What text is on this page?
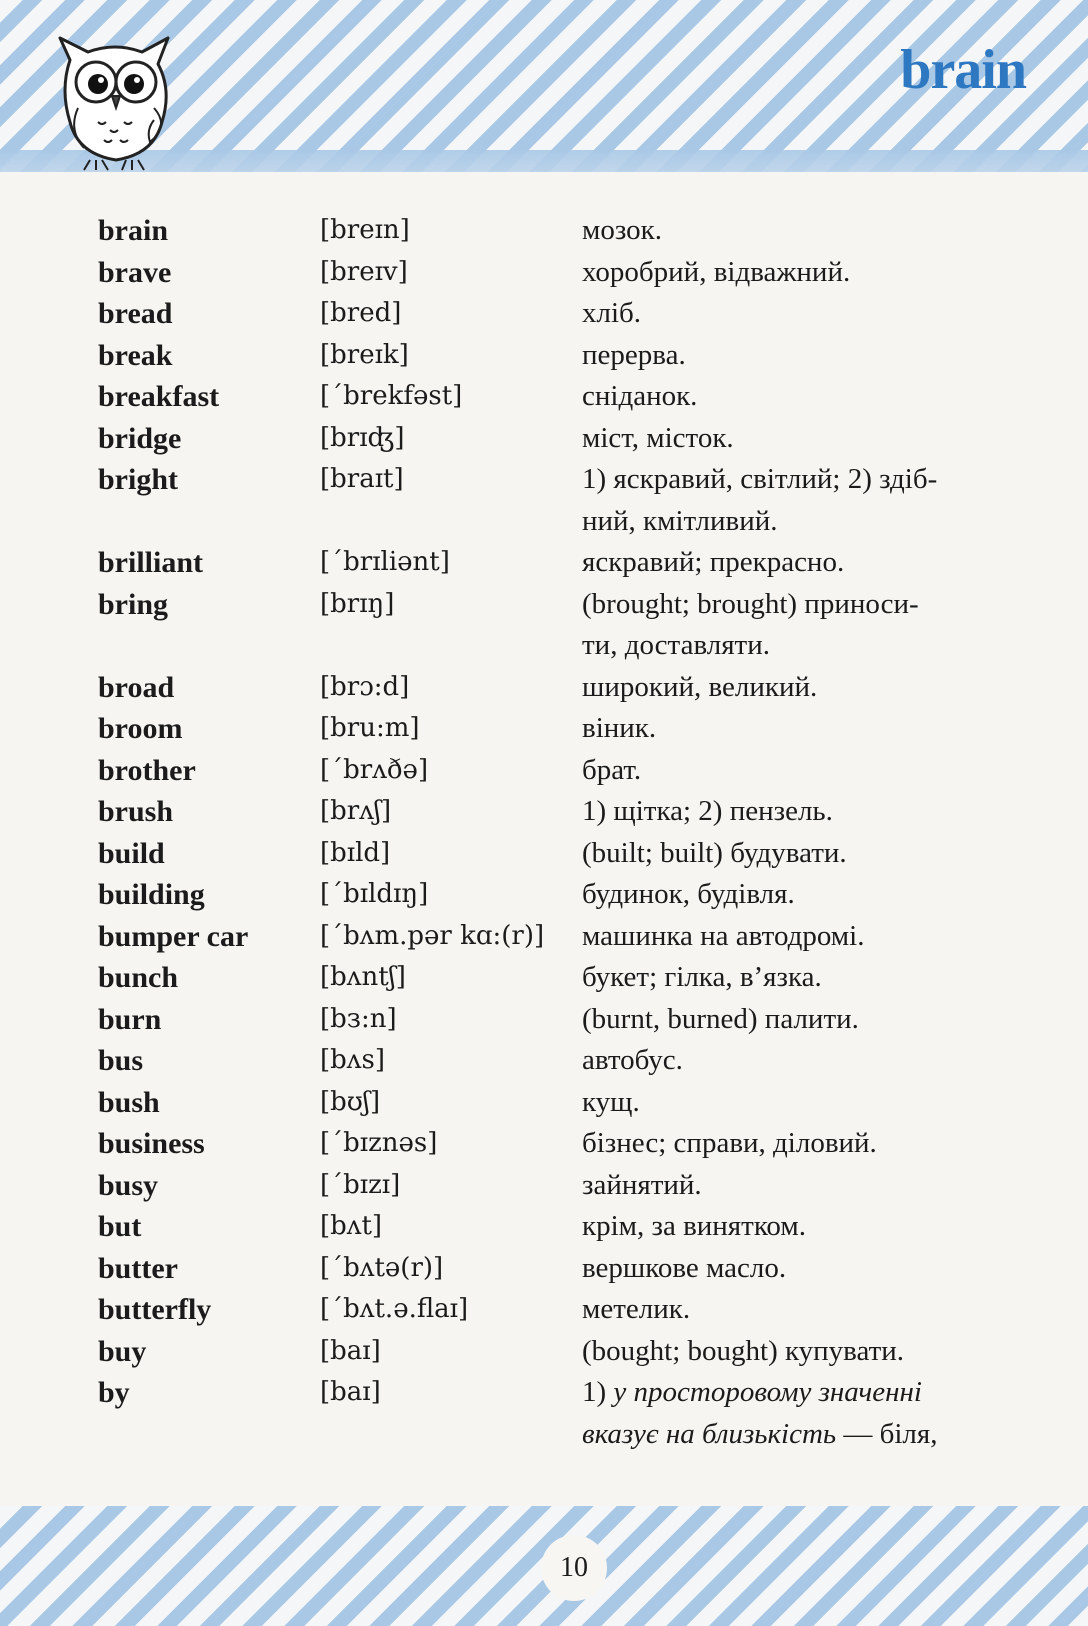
brain
brain	[breɪn]	мозок.
brave	[breɪv]	хоробрий, відважний.
bread	[bred]	хліб.
break	[breɪk]	перерва.
breakfast	[ˊbrekfəst]	сніданок.
bridge	[brɪʤ]	міст, місток.
bright	[braɪt]	1) яскравий, світлий; 2) здіб-
ний, кмітливий.
brilliant	[ˊbrɪliənt]	яскравий; прекрасно.
bring	[brɪŋ]	(brought; brought) приноси-
ти, доставляти.
broad	[brɔ:d]	широкий, великий.
broom	[bru:m]	віник.
brother	[ˊbrʌðə]	брат.
brush	[brʌʃ]	1) щітка; 2) пензель.
build	[bɪld]	(built; built) будувати.
building	[ˊbɪldɪŋ]	будинок, будівля.
bumper car	[ˊbʌm.pər kɑ:(r)]	машинка на автодромі.
bunch	[bʌntʃ]	букет; гілка, в’язка.
burn	[bз:n]	(burnt, burned) палити.
bus	[bʌs]	автобус.
bush	[bʊʃ]	кущ.
business	[ˊbɪznəs]	бізнес; справи, діловий.
busy	[ˊbɪzɪ]	зайнятий.
but	[bʌt]	крім, за винятком.
butter	[ˊbʌtə(r)]	вершкове масло.
butterfly	[ˊbʌt.ə.flaɪ]	метелик.
buy	[baɪ]	(bought; bought) купувати.
by	[baɪ]	1) у просторовому значенні
вказує на близькість — біля,
10
